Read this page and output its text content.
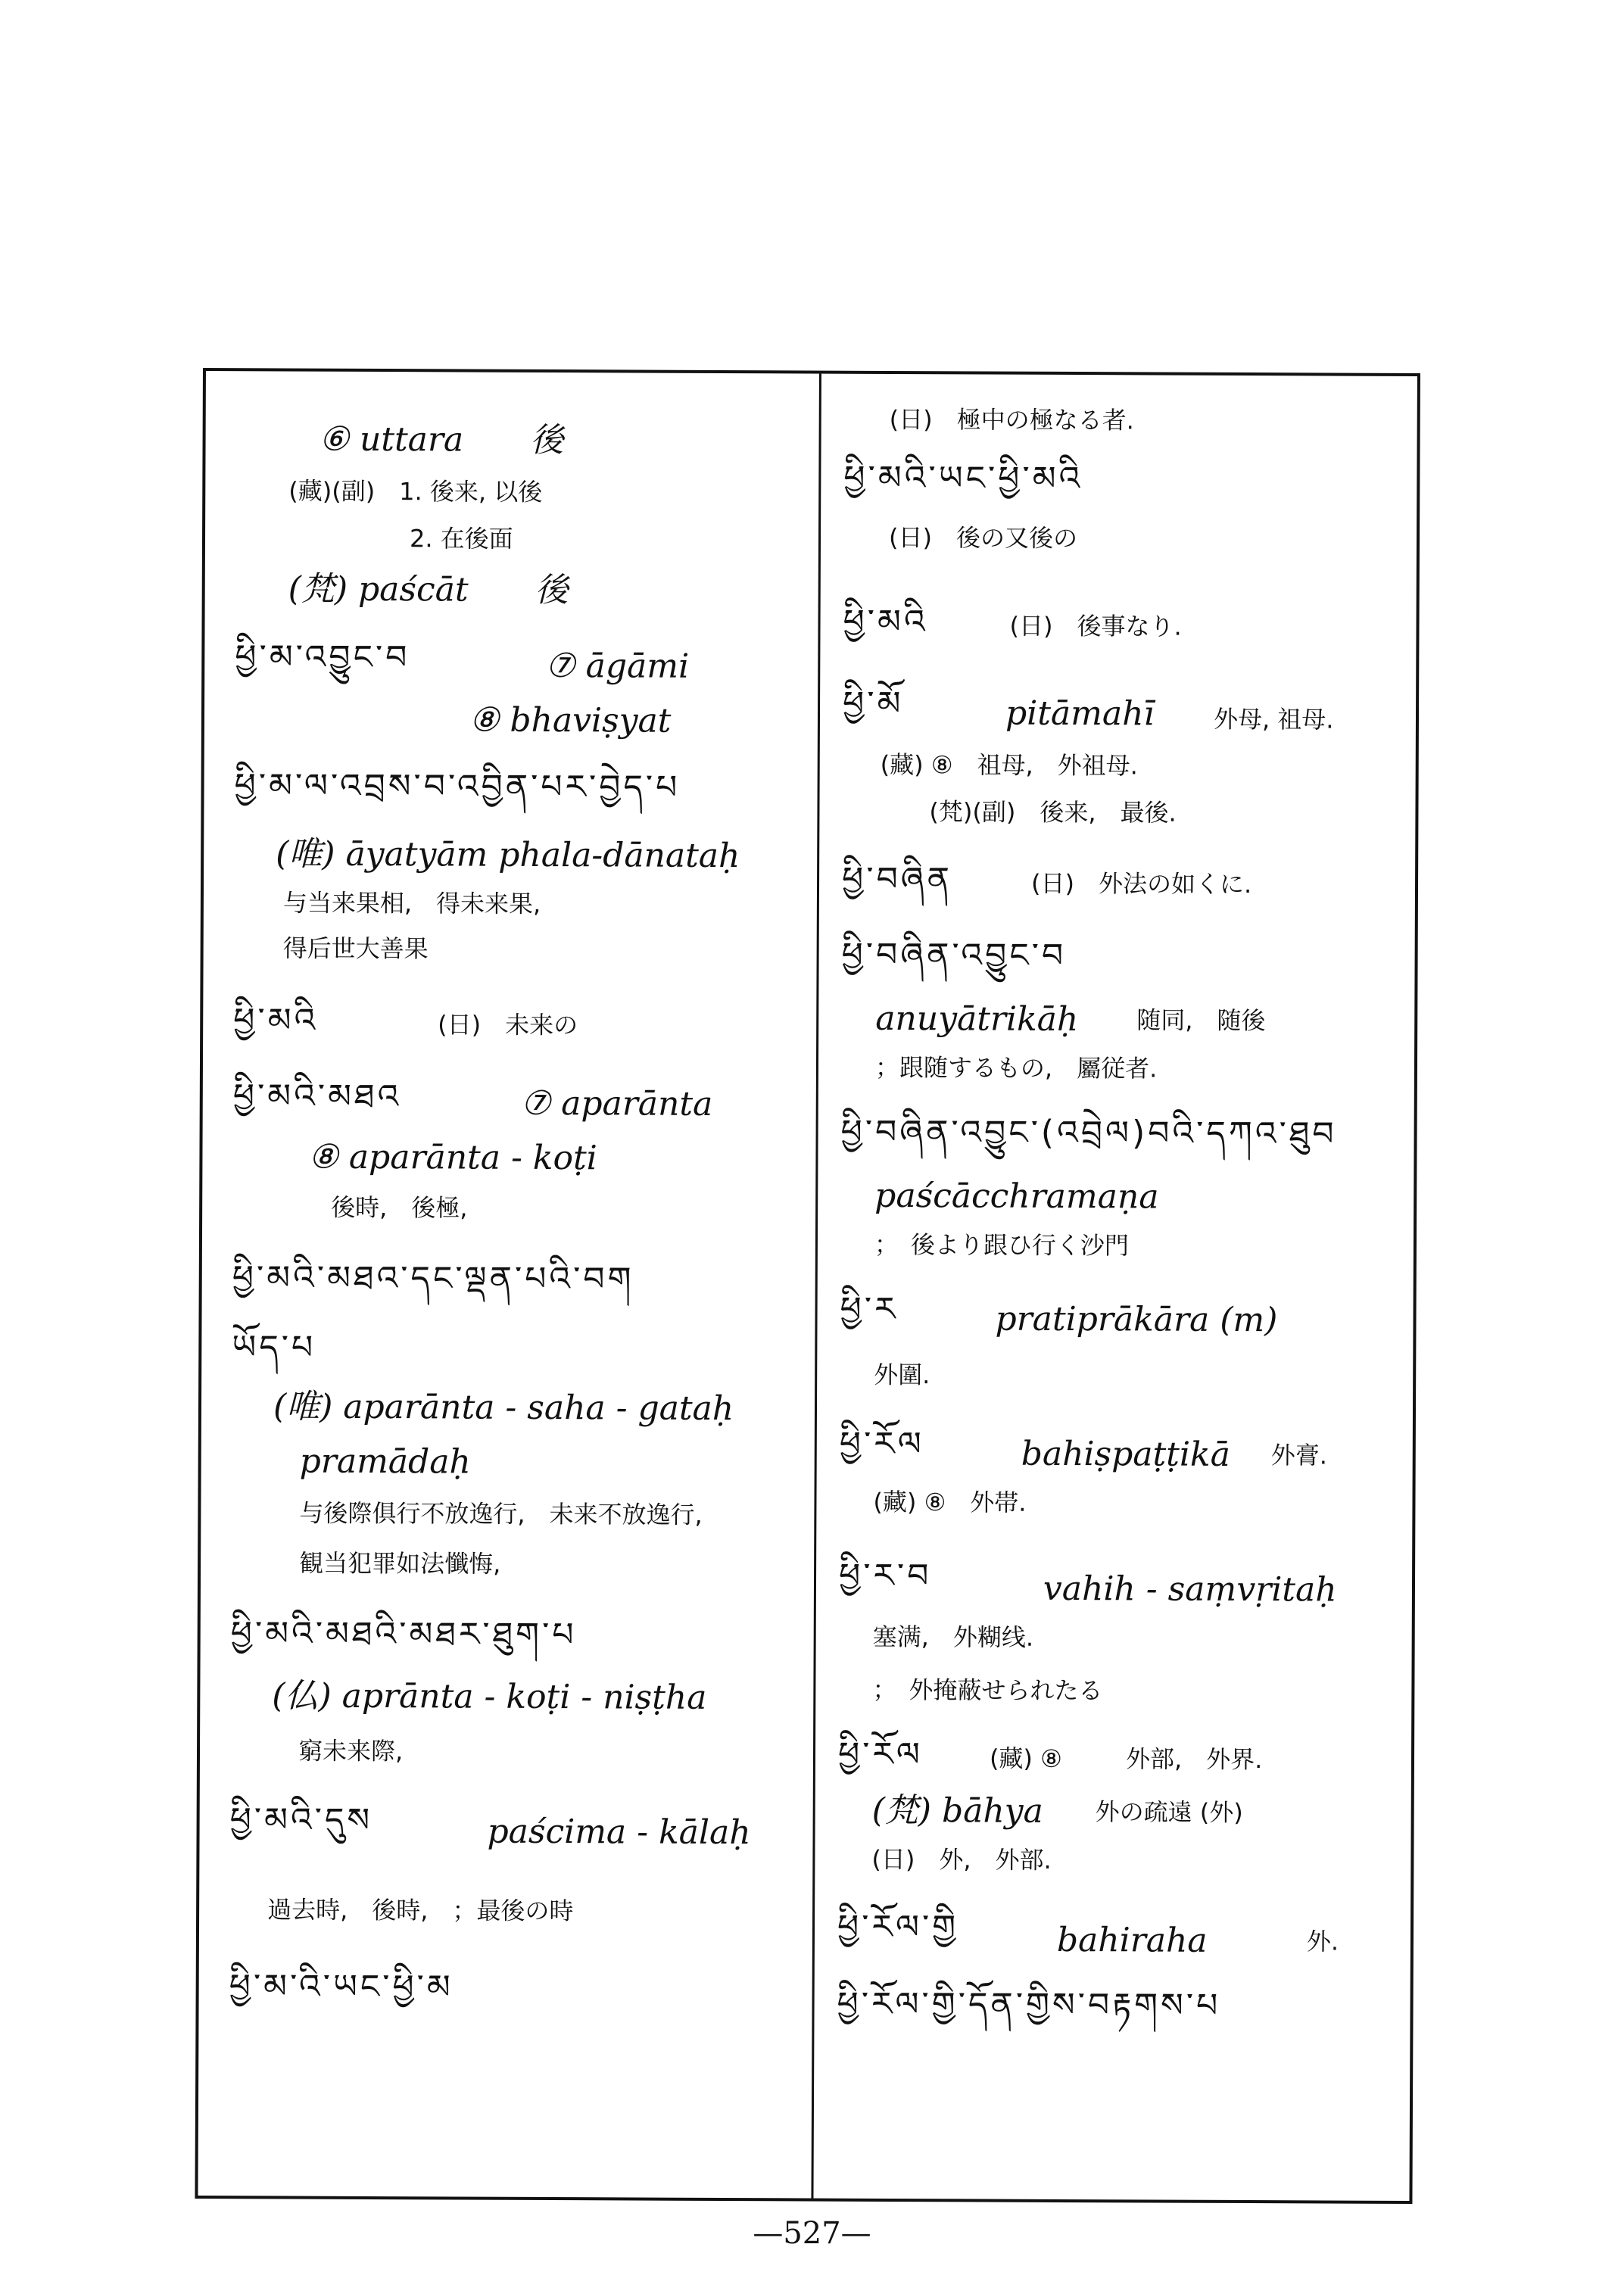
⑥ uttara　　後
(藏)(副)　1. 後来, 以後
2. 在後面
(梵) paścāt　　後
ཕྱི་མ་འབྱུང་བ	⑦ āgāmi
⑧ bhaviṣyat
ཕྱི་མ་ལ་འབྲས་བ་འབྱིན་པར་བྱེད་པ
(唯) āyatyām phala-dānataḥ
与当来果相,　得未来果,
得后世大善果
ཕྱི་མའི	(日)　未来の
ཕྱི་མའི་མཐའ	⑦ aparānta
⑧ aparānta - koṭi
後時,　後極,
ཕྱི་མའི་མཐའ་དང་ལྡན་པའི་བག
ཡོད་པ
(唯) aparānta - saha - gataḥ
pramādaḥ
与後際俱行不放逸行,　未来不放逸行,
観当犯罪如法懺悔,
ཕྱི་མའི་མཐའི་མཐར་ཐུག་པ
(仏) aprānta - koṭi - niṣṭha
窮未来際,
ཕྱི་མའི་དུས	paścima - kālaḥ
過去時,　後時,　；最後の時
ཕྱི་མ་འི་ཡང་ཕྱི་མ
(日)　極中の極なる者.
ཕྱི་མའི་ཡང་ཕྱི་མའི
(日)　後の又後の
ཕྱི་མའི	(日)　後事なり.
ཕྱི་མོ	pitāmahī 外母, 祖母.
(藏) ⑧　祖母,　外祖母.
(梵)(副)　後来,　最後.
ཕྱི་བཞིན	(日)　外法の如くに.
ཕྱི་བཞིན་འབྱུང་བ
anuyātrikāḥ 随同,　随後
；跟随するもの,　屬従者.
ཕྱི་བཞིན་འབྱུང་(འབྲེལ)བའི་དཀའ་ཐུབ
paścācchramaṇa
；　後より跟ひ行く沙門
ཕྱི་ར	pratiprākāra (m)
外圍.
ཕྱི་རོལ	bahiṣpaṭṭikā 外膏.
(藏) ⑧　外帯.
ཕྱི་ར་བ	vahih - saṃvṛitaḥ
塞满,　外糊线.
；　外掩蔽せられたる
ཕྱི་རོལ	(藏) ⑧	外部,　外界.
(梵) bāhya 外の疏遠 (外)
(日)　外,　外部.
ཕྱི་རོལ་གྱི	bahiraha	外.
ཕྱི་རོལ་གྱི་དོན་གྱིས་བརྟགས་པ
—527—
